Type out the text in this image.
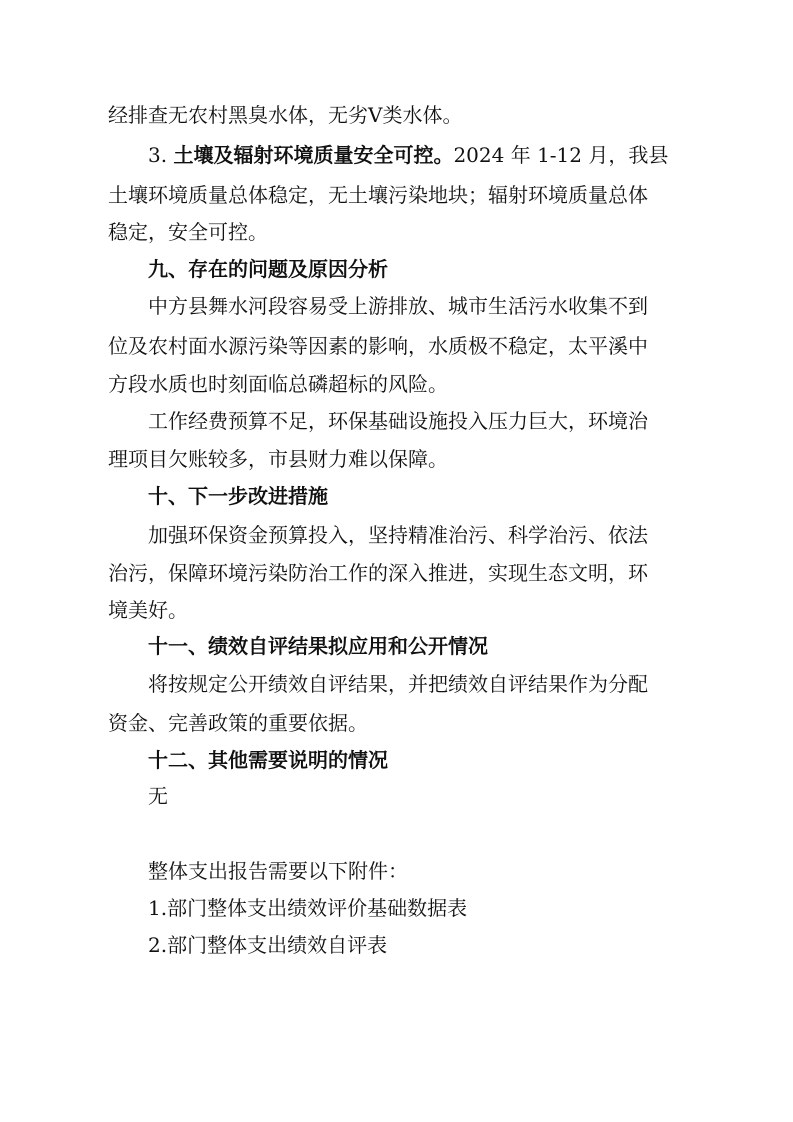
经排查无农村黑臭水体，无劣Ⅴ类水体。
3. 土壤及辐射环境质量安全可控。2024 年 1-12 月，我县
土壤环境质量总体稳定，无土壤污染地块；辐射环境质量总体
稳定，安全可控。
九、存在的问题及原因分析
中方县舞水河段容易受上游排放、城市生活污水收集不到
位及农村面水源污染等因素的影响，水质极不稳定，太平溪中
方段水质也时刻面临总磷超标的风险。
工作经费预算不足，环保基础设施投入压力巨大，环境治
理项目欠账较多，市县财力难以保障。
十、下一步改进措施
加强环保资金预算投入，坚持精准治污、科学治污、依法
治污，保障环境污染防治工作的深入推进，实现生态文明，环
境美好。
十一、绩效自评结果拟应用和公开情况
将按规定公开绩效自评结果，并把绩效自评结果作为分配
资金、完善政策的重要依据。
十二、其他需要说明的情况
无
整体支出报告需要以下附件：
1.部门整体支出绩效评价基础数据表
2.部门整体支出绩效自评表
